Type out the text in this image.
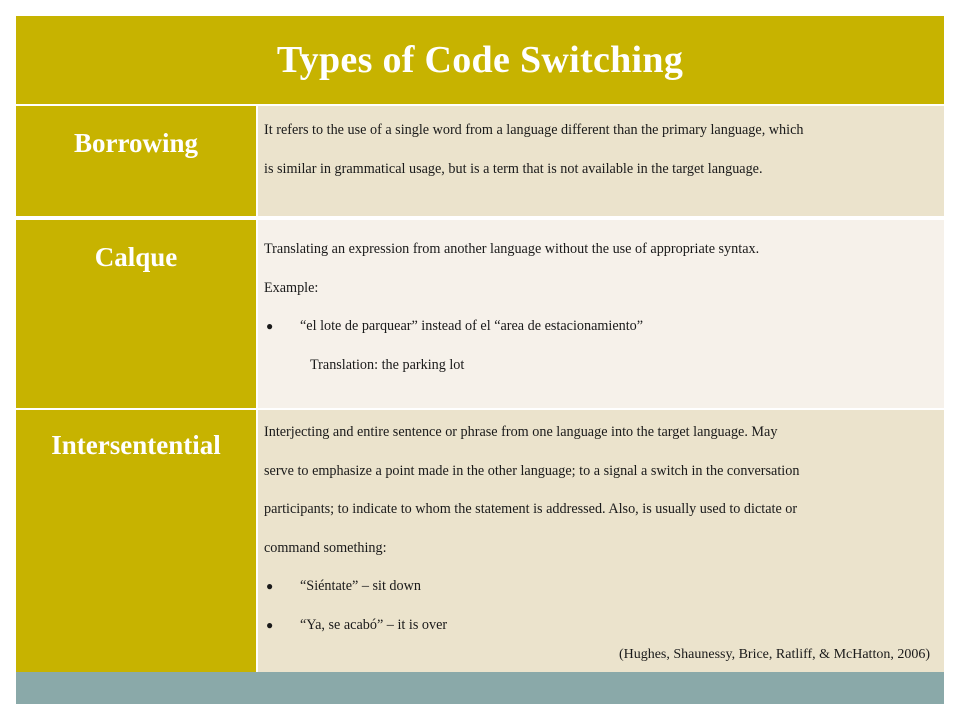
Types of Code Switching
Borrowing	It refers to the use of a single word from a language different than the primary language, which
is similar in grammatical usage, but is a term that is not available in the target language.
Calque	Translating an expression from another language without the use of appropriate syntax.
Example:
●	“el lote de parquear” instead of el “area de estacionamiento”
Translation: the parking lot
Intersentential	Interjecting and entire sentence or phrase from one language into the target language. May
serve to emphasize a point made in the other language; to a signal a switch in the conversation
participants; to indicate to whom the statement is addressed. Also, is usually used to dictate or
command something:
●	“Siéntate” – sit down
●	“Ya, se acabó” – it is over
(Hughes, Shaunessy, Brice, Ratliff, & McHatton, 2006)
